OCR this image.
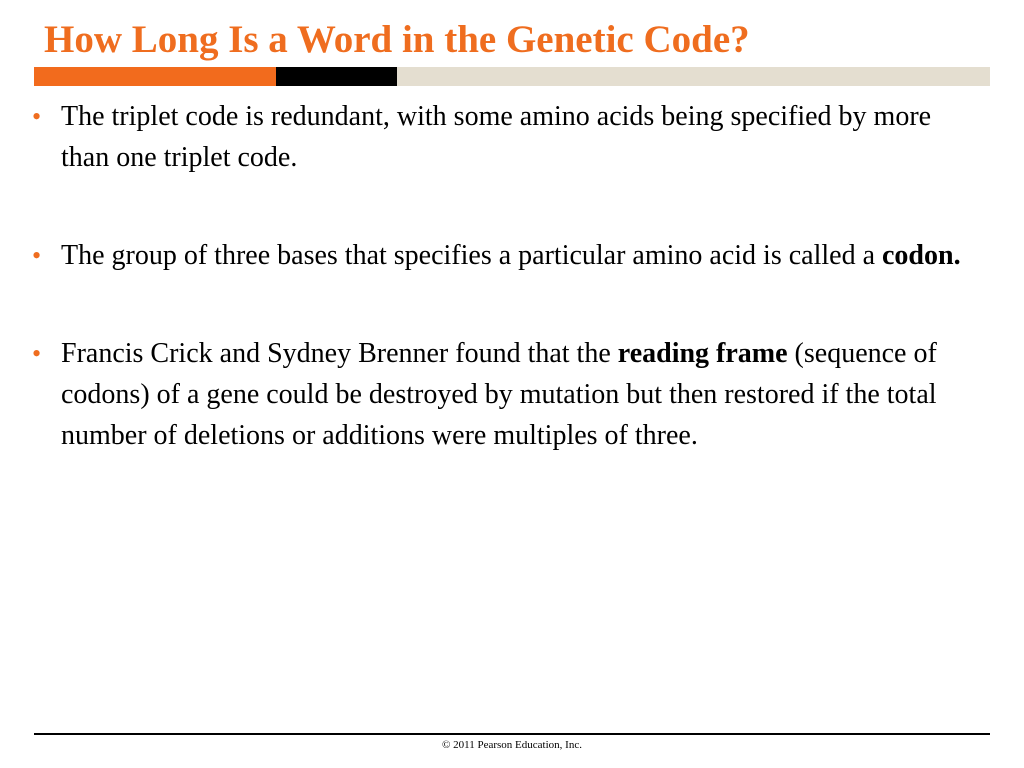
How Long Is a Word in the Genetic Code?
• The triplet code is redundant, with some amino acids being specified by more than one triplet code.
• The group of three bases that specifies a particular amino acid is called a codon.
• Francis Crick and Sydney Brenner found that the reading frame (sequence of codons) of a gene could be destroyed by mutation but then restored if the total number of deletions or additions were multiples of three.
© 2011 Pearson Education, Inc.
